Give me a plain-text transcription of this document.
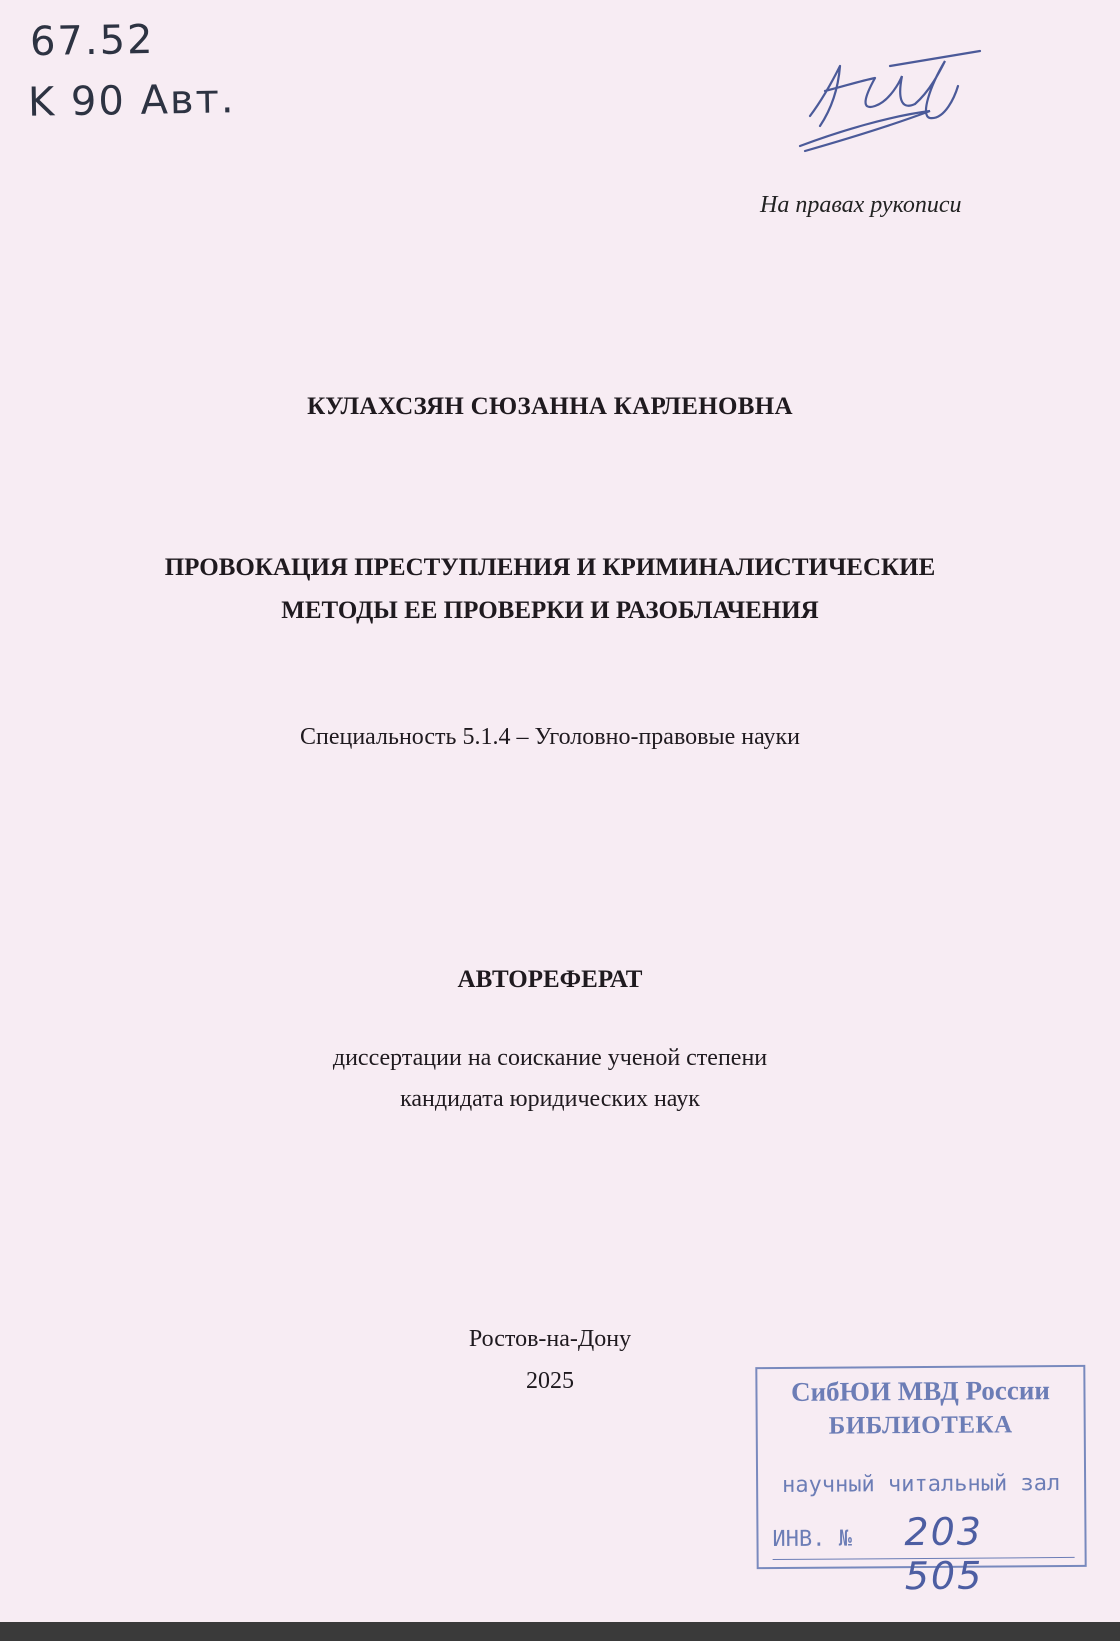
67.52
K 90 Aвт.
На правах рукописи
КУЛАХСЗЯН СЮЗАННА КАРЛЕНОВНА
ПРОВОКАЦИЯ ПРЕСТУПЛЕНИЯ И КРИМИНАЛИСТИЧЕСКИЕ
МЕТОДЫ ЕЕ ПРОВЕРКИ И РАЗОБЛАЧЕНИЯ
Специальность 5.1.4 – Уголовно-правовые науки
АВТОРЕФЕРАТ
диссертации на соискание ученой степени
кандидата юридических наук
Ростов-на-Дону
2025	СибЮИ МВД России
БИБЛИОТЕКА
научный читальный зал
ИНВ. № 203 505
